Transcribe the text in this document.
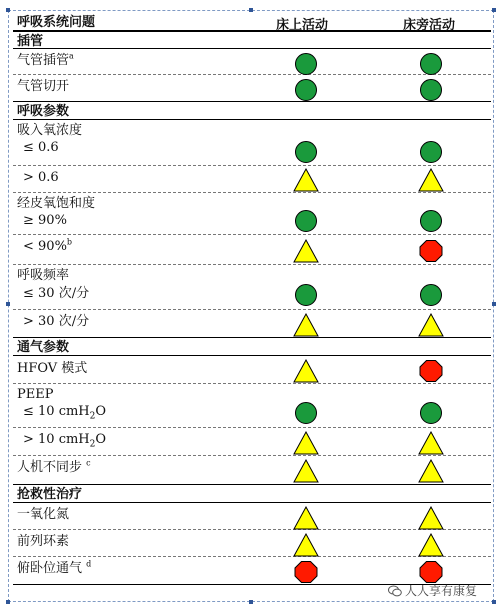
呼吸系统问题	床上活动	床旁活动
插管
气管插管$^a$
气管切开
呼吸参数
吸入氧浓度
≤ 0.6
> 0.6
经皮氧饱和度
≥ 90%
< 90%$^b$
呼吸频率
≤ 30 次/分
> 30 次/分
通气参数
HFOV 模式
PEEP
≤ 10 cmH$_2$O
> 10 cmH$_2$O
人机不同步 $^c$
抢救性治疗
一氧化氮
前列环素
俯卧位通气 $^d$
人人享有康复
